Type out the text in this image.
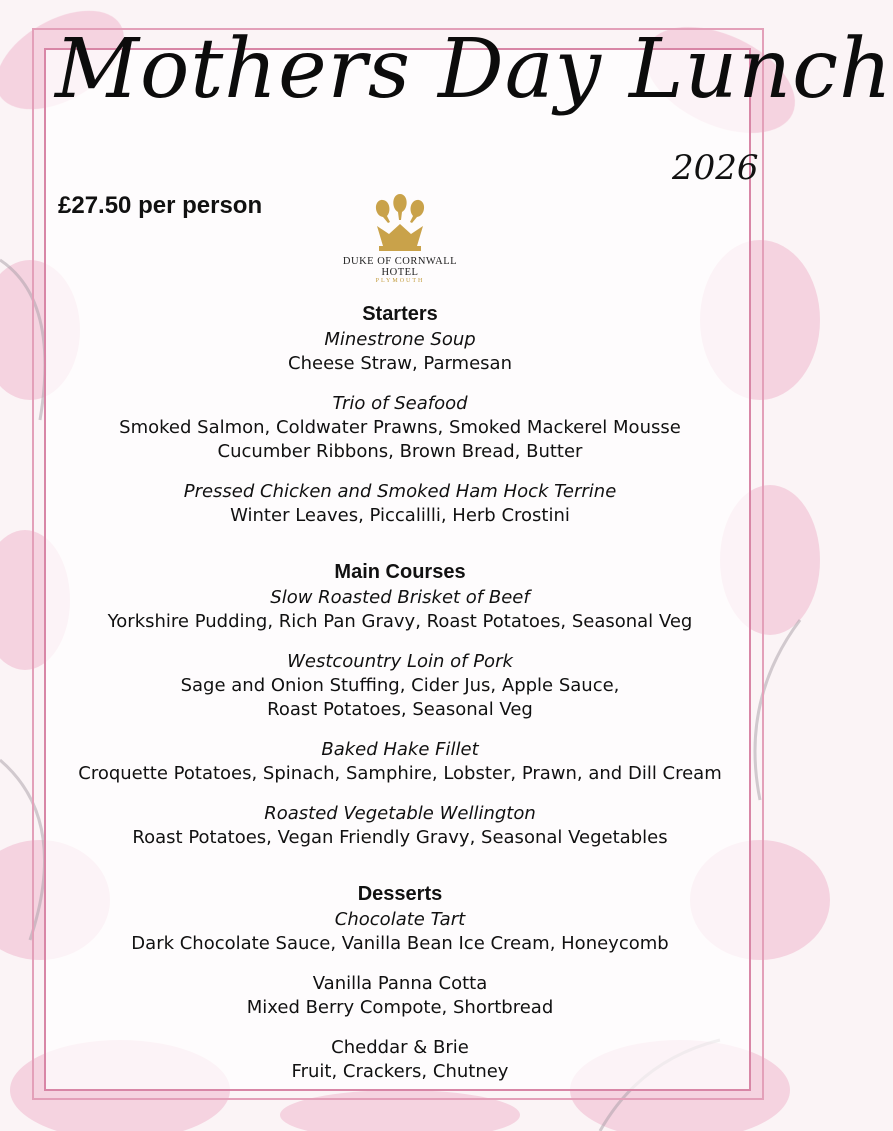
Mothers Day Lunch
2026
£27.50 per person
DUKE OF CORNWALL
HOTEL
PLYMOUTH
Starters
Minestrone Soup
Cheese Straw, Parmesan
Trio of Seafood
Smoked Salmon, Coldwater Prawns, Smoked Mackerel Mousse
Cucumber Ribbons, Brown Bread, Butter
Pressed Chicken and Smoked Ham Hock Terrine
Winter Leaves, Piccalilli, Herb Crostini
Main Courses
Slow Roasted Brisket of Beef
Yorkshire Pudding, Rich Pan Gravy, Roast Potatoes, Seasonal Veg
Westcountry Loin of Pork
Sage and Onion Stuffing, Cider Jus, Apple Sauce,
Roast Potatoes, Seasonal Veg
Baked Hake Fillet
Croquette Potatoes, Spinach, Samphire, Lobster, Prawn, and Dill Cream
Roasted Vegetable Wellington
Roast Potatoes, Vegan Friendly Gravy, Seasonal Vegetables
Desserts
Chocolate Tart
Dark Chocolate Sauce, Vanilla Bean Ice Cream, Honeycomb
Vanilla Panna Cotta
Mixed Berry Compote, Shortbread
Cheddar & Brie
Fruit, Crackers, Chutney
